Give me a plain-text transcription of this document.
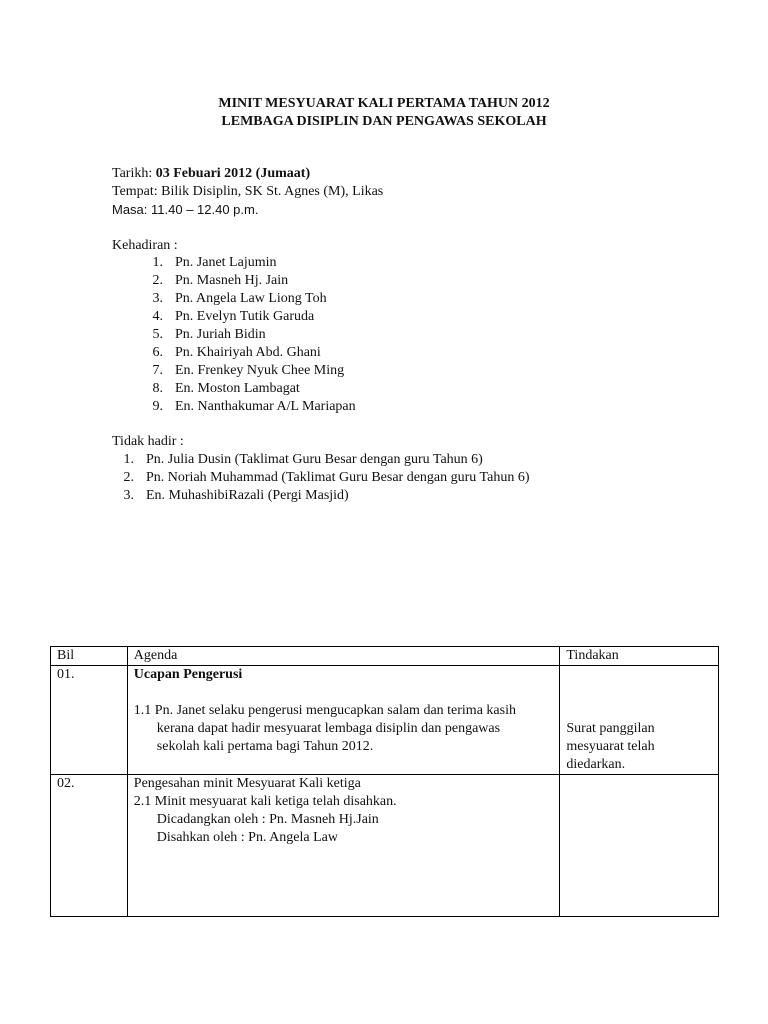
MINIT MESYUARAT KALI PERTAMA TAHUN 2012
LEMBAGA DISIPLIN DAN PENGAWAS SEKOLAH
Tarikh: 03 Febuari 2012 (Jumaat)
Tempat: Bilik Disiplin, SK St. Agnes (M), Likas
Masa: 11.40 – 12.40 p.m.
Kehadiran :
1. Pn. Janet Lajumin
2. Pn. Masneh Hj. Jain
3. Pn. Angela Law Liong Toh
4. Pn. Evelyn Tutik Garuda
5. Pn. Juriah Bidin
6. Pn. Khairiyah Abd. Ghani
7. En. Frenkey Nyuk Chee Ming
8. En. Moston Lambagat
9. En. Nanthakumar A/L Mariapan
Tidak hadir :
1. Pn. Julia Dusin (Taklimat Guru Besar dengan guru Tahun 6)
2. Pn. Noriah Muhammad (Taklimat Guru Besar dengan guru Tahun 6)
3. En. MuhashibiRazali (Pergi Masjid)
Bil	Agenda	Tindakan
01.	Ucapan Pengerusi
1.1 Pn. Janet selaku pengerusi mengucapkan salam dan terima kasih
kerana dapat hadir mesyuarat lembaga disiplin dan pengawas
sekolah kali pertama bagi Tahun 2012.	Surat panggilan
mesyuarat telah
diedarkan.

02.	Pengesahan minit Mesyuarat Kali ketiga
2.1 Minit mesyuarat kali ketiga telah disahkan.
Dicadangkan oleh : Pn. Masneh Hj.Jain
Disahkan oleh : Pn. Angela Law	
